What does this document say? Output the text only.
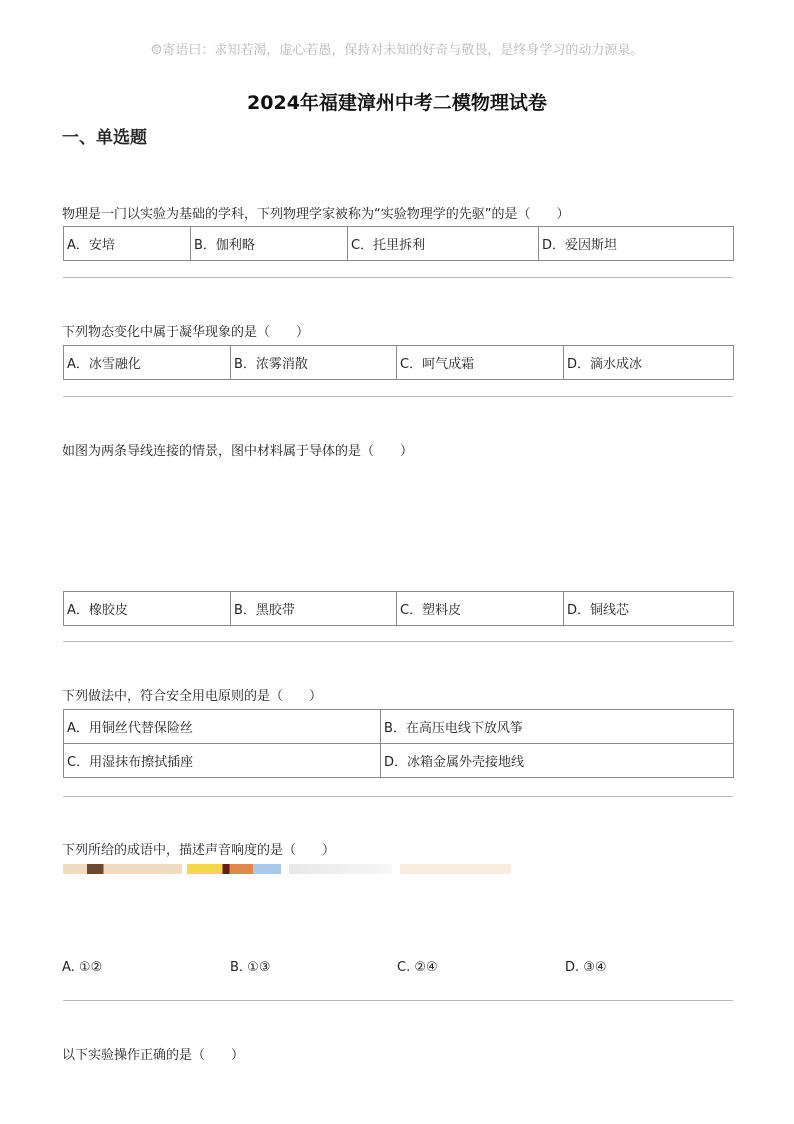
☺寄语曰：求知若渴，虚心若愚，保持对未知的好奇与敬畏，是终身学习的动力源泉。
2024年福建漳州中考二模物理试卷
一、单选题
物理是一门以实验为基础的学科，下列物理学家被称为“实验物理学的先驱”的是（　　）
A．安培	B．伽利略	C．托里拆利	D．爱因斯坦
下列物态变化中属于凝华现象的是（　　）
A．冰雪融化	B．浓雾消散	C．呵气成霜	D．滴水成冰
如图为两条导线连接的情景，图中材料属于导体的是（　　）
A．橡胶皮	B．黑胶带	C．塑料皮	D．铜线芯
下列做法中，符合安全用电原则的是（　　）
A．用铜丝代替保险丝	B．在高压电线下放风筝
C．用湿抹布擦拭插座	D．冰箱金属外壳接地线
下列所给的成语中，描述声音响度的是（　　）
A. ①②	B. ①③	C. ②④	D. ③④
以下实验操作正确的是（　　）
